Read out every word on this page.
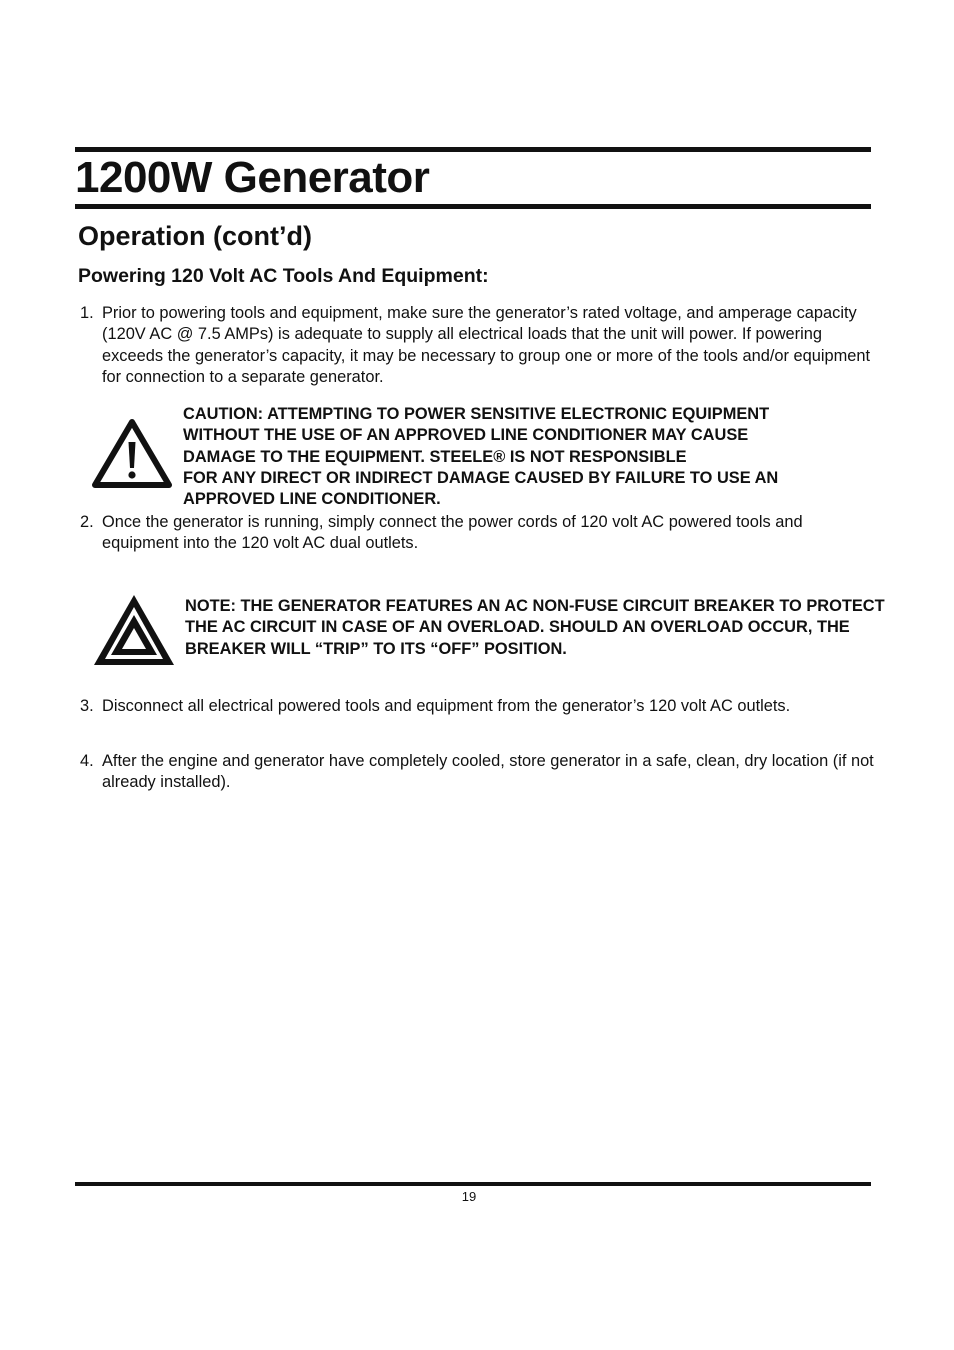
1200W Generator
Operation (cont’d)
Powering 120 Volt AC Tools And Equipment:
1. Prior to powering tools and equipment, make sure the generator’s rated voltage, and amperage capacity (120V AC @ 7.5 AMPs) is adequate to supply all electrical loads that the unit will power. If powering exceeds the generator’s capacity, it may be necessary to group one or more of the tools and/or equipment for connection to a separate generator.
CAUTION: ATTEMPTING TO POWER SENSITIVE ELECTRONIC EQUIPMENT
WITHOUT THE USE OF AN APPROVED LINE CONDITIONER MAY CAUSE
DAMAGE TO THE EQUIPMENT. STEELE® IS NOT RESPONSIBLE
FOR ANY DIRECT OR INDIRECT DAMAGE CAUSED BY FAILURE TO USE AN
APPROVED LINE CONDITIONER.
2. Once the generator is running, simply connect the power cords of 120 volt AC powered tools and equipment into the 120 volt AC dual outlets.
NOTE: THE GENERATOR FEATURES AN AC NON-FUSE CIRCUIT BREAKER TO PROTECT THE AC CIRCUIT IN CASE OF AN OVERLOAD. SHOULD AN OVERLOAD OCCUR, THE BREAKER WILL “TRIP” TO ITS “OFF” POSITION.
3. Disconnect all electrical powered tools and equipment from the generator’s 120 volt AC outlets.
4. After the engine and generator have completely cooled, store generator in a safe, clean, dry location (if not already installed).
19
